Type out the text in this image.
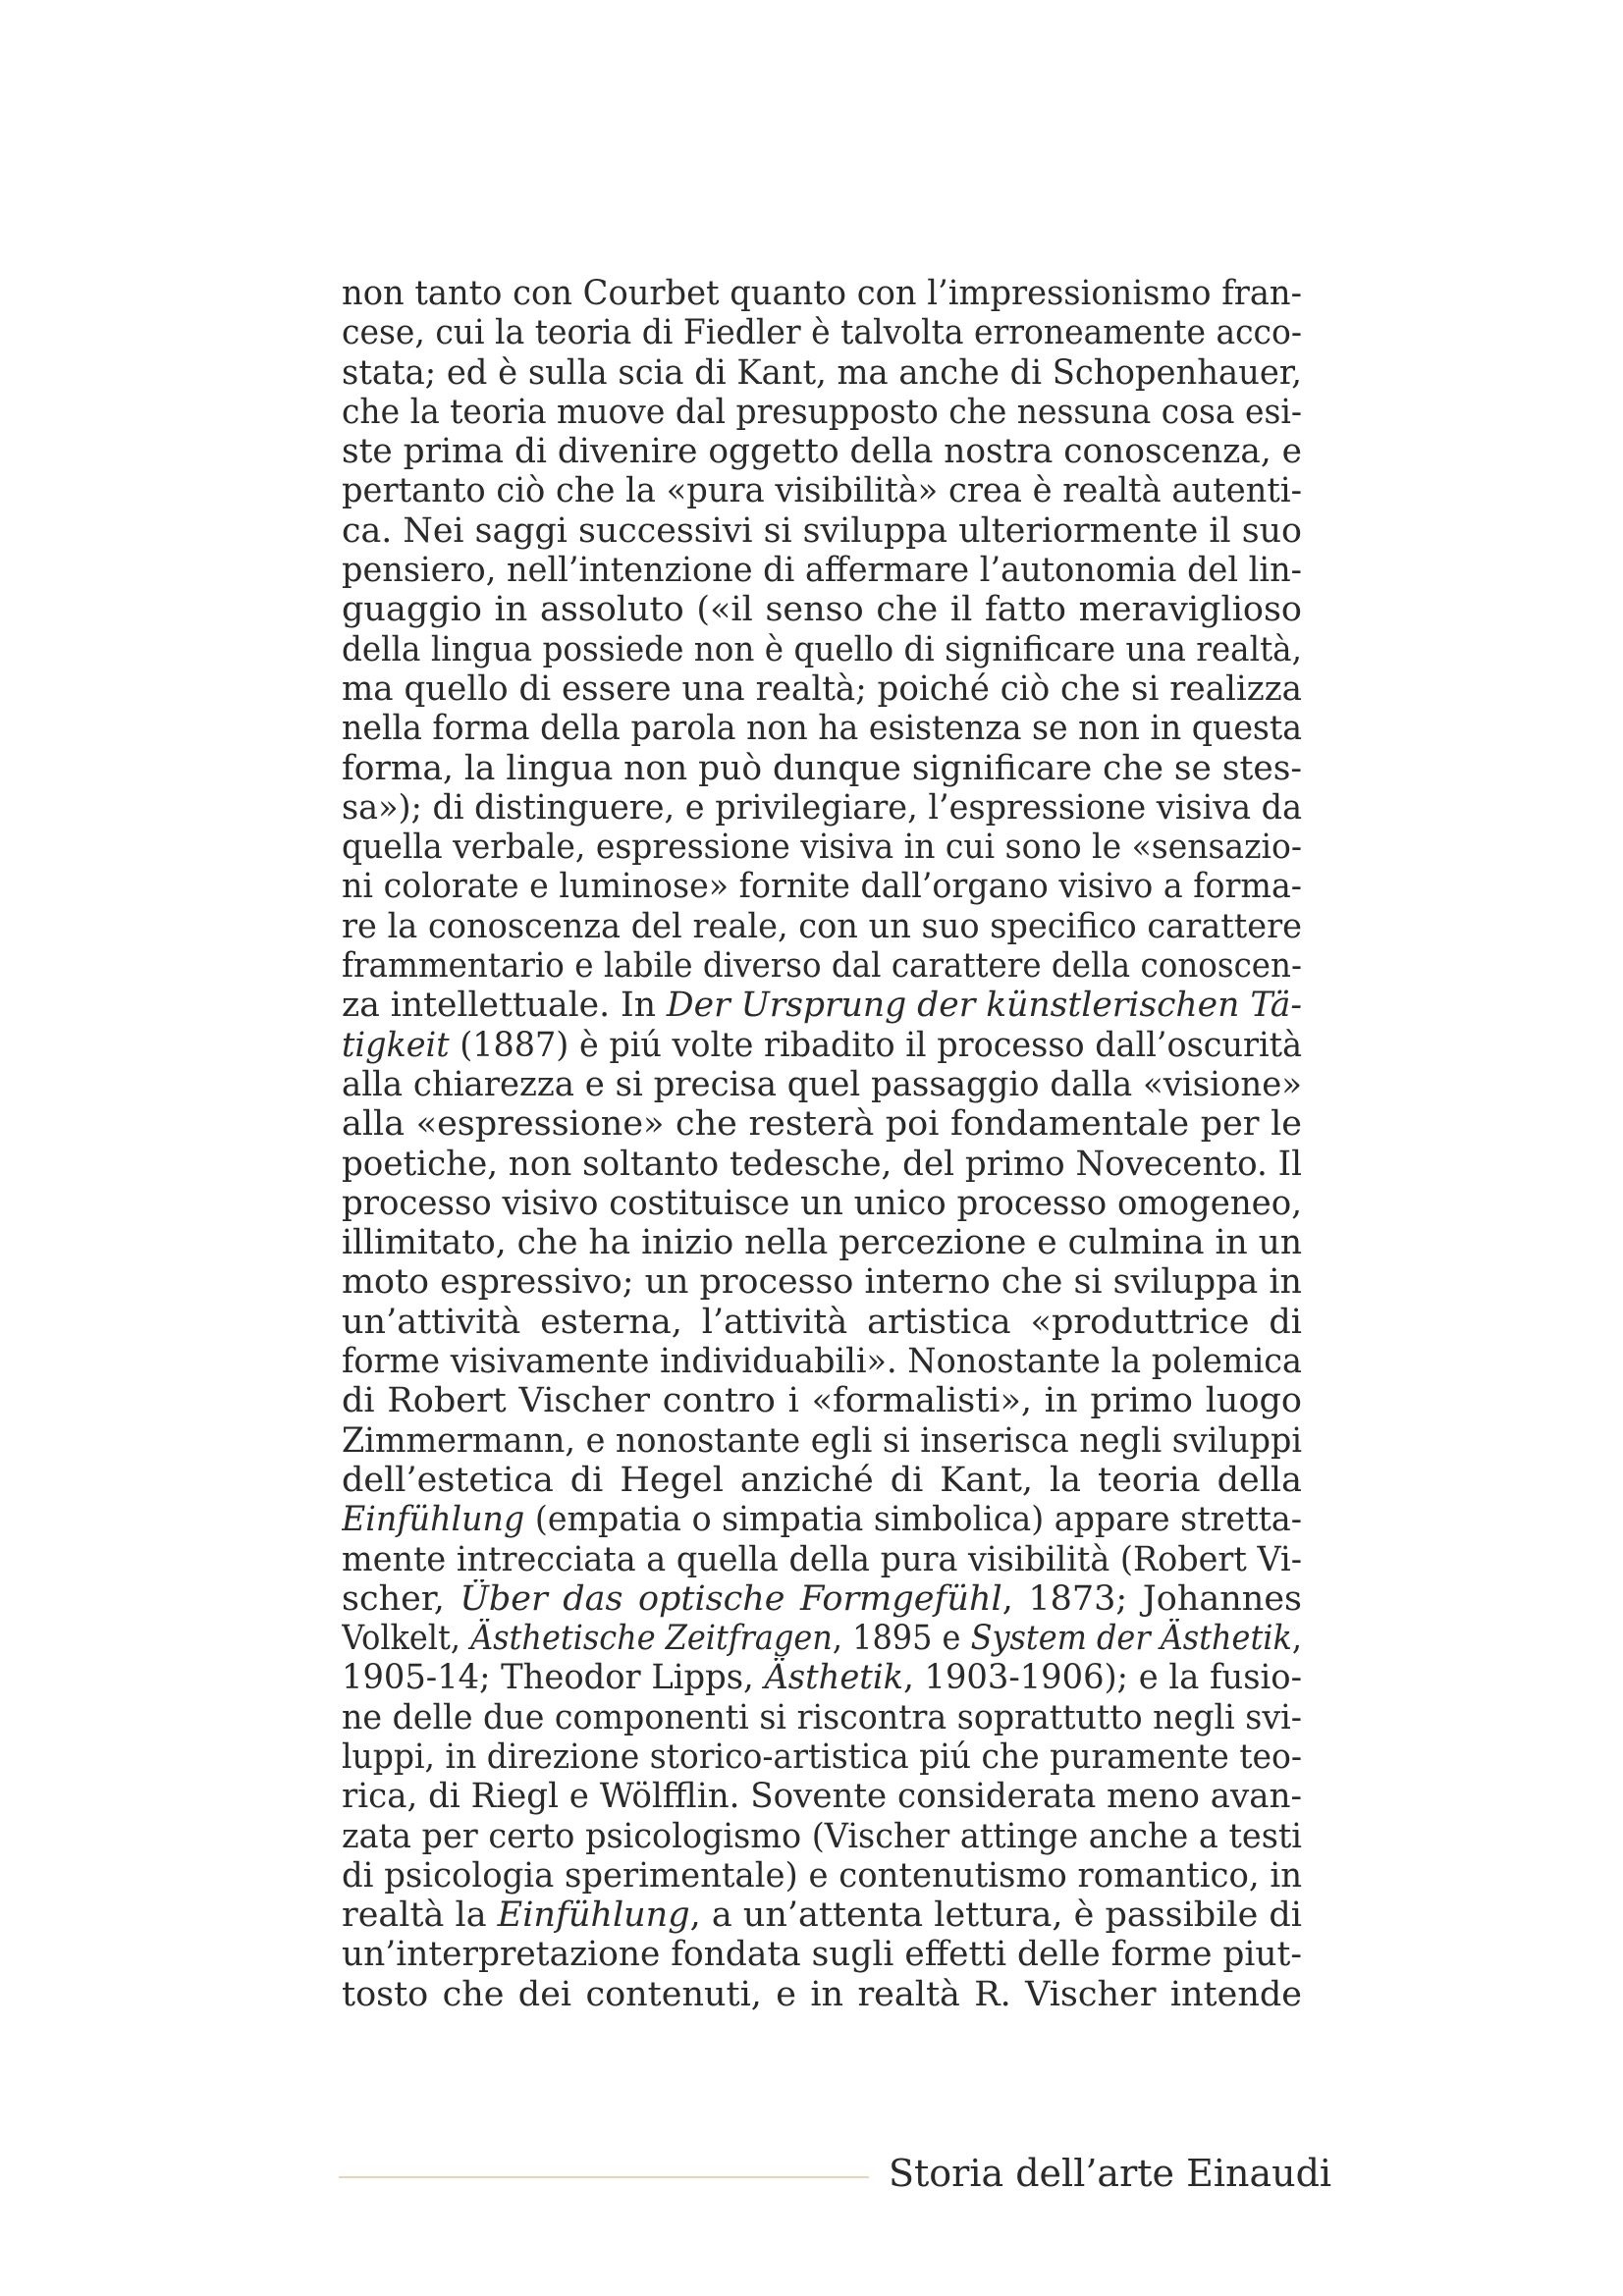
non tanto con Courbet quanto con l’impressionismo fran-
cese, cui la teoria di Fiedler è talvolta erroneamente acco-
stata; ed è sulla scia di Kant, ma anche di Schopenhauer,
che la teoria muove dal presupposto che nessuna cosa esi-
ste prima di divenire oggetto della nostra conoscenza, e
pertanto ciò che la «pura visibilità» crea è realtà autenti-
ca. Nei saggi successivi si sviluppa ulteriormente il suo
pensiero, nell’intenzione di affermare l’autonomia del lin-
guaggio in assoluto («il senso che il fatto meraviglioso
della lingua possiede non è quello di significare una realtà,
ma quello di essere una realtà; poiché ciò che si realizza
nella forma della parola non ha esistenza se non in questa
forma, la lingua non può dunque significare che se stes-
sa»); di distinguere, e privilegiare, l’espressione visiva da
quella verbale, espressione visiva in cui sono le «sensazio-
ni colorate e luminose» fornite dall’organo visivo a forma-
re la conoscenza del reale, con un suo specifico carattere
frammentario e labile diverso dal carattere della conoscen-
za intellettuale. In Der Ursprung der künstlerischen Tä-
tigkeit (1887) è piú volte ribadito il processo dall’oscurità
alla chiarezza e si precisa quel passaggio dalla «visione»
alla «espressione» che resterà poi fondamentale per le
poetiche, non soltanto tedesche, del primo Novecento. Il
processo visivo costituisce un unico processo omogeneo,
illimitato, che ha inizio nella percezione e culmina in un
moto espressivo; un processo interno che si sviluppa in
un’attività esterna, l’attività artistica «produttrice di
forme visivamente individuabili». Nonostante la polemica
di Robert Vischer contro i «formalisti», in primo luogo
Zimmermann, e nonostante egli si inserisca negli sviluppi
dell’estetica di Hegel anziché di Kant, la teoria della
Einfühlung (empatia o simpatia simbolica) appare stretta-
mente intrecciata a quella della pura visibilità (Robert Vi-
scher, Über das optische Formgefühl, 1873; Johannes
Volkelt, Ästhetische Zeitfragen, 1895 e System der Ästhetik,
1905-14; Theodor Lipps, Ästhetik, 1903-1906); e la fusio-
ne delle due componenti si riscontra soprattutto negli svi-
luppi, in direzione storico-artistica piú che puramente teo-
rica, di Riegl e Wölfflin. Sovente considerata meno avan-
zata per certo psicologismo (Vischer attinge anche a testi
di psicologia sperimentale) e contenutismo romantico, in
realtà la Einfühlung, a un’attenta lettura, è passibile di
un’interpretazione fondata sugli effetti delle forme piut-
tosto che dei contenuti, e in realtà R. Vischer intende
Storia dell’arte Einaudi
